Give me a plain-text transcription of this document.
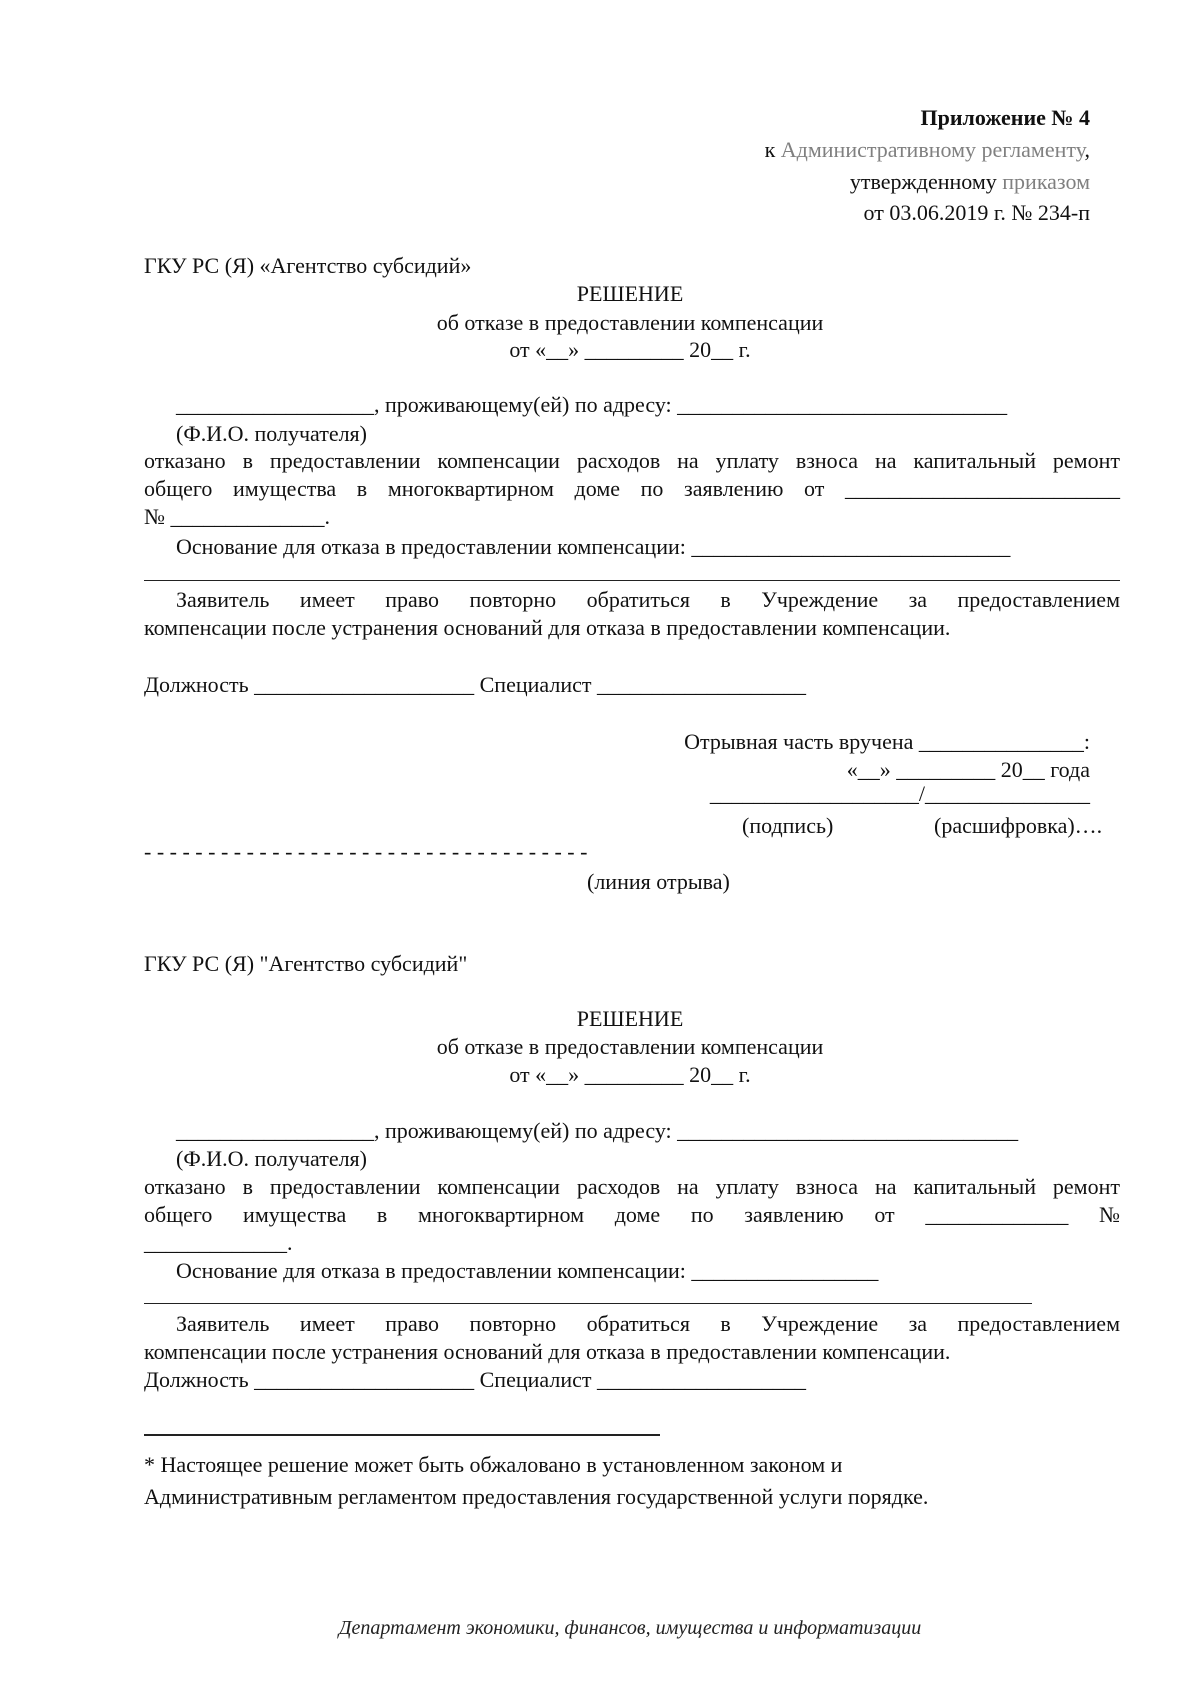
Приложение № 4
к Административному регламенту,
утвержденному приказом
от 03.06.2019 г. № 234-п
ГКУ РС (Я) «Агентство субсидий»
РЕШЕНИЕ
об отказе в предоставлении компенсации
от «__» _________ 20__ г.
__________________, проживающему(ей) по адресу: ______________________________
(Ф.И.О. получателя)
отказано в предоставлении компенсации расходов на уплату взноса на капитальный ремонт
общего имущества в многоквартирном доме по заявлению от _________________________
№ ______________.
Основание для отказа в предоставлении компенсации: _____________________________
Заявитель имеет право повторно обратиться в Учреждение за предоставлением
компенсации после устранения оснований для отказа в предоставлении компенсации.
Должность ____________________ Специалист ___________________
Отрывная часть вручена _______________:
«__» _________ 20__ года
___________________/_______________
(подпись)	(расшифровка)….
- - - - - - - - - - - - - - - - - - - - - - - - - - - - - - - - - - -
(линия отрыва)
ГКУ РС (Я) "Агентство субсидий"
РЕШЕНИЕ
об отказе в предоставлении компенсации
от «__» _________ 20__ г.
__________________, проживающему(ей) по адресу: _______________________________
(Ф.И.О. получателя)
отказано в предоставлении компенсации расходов на уплату взноса на капитальный ремонт
общего имущества в многоквартирном доме по заявлению от _____________ №
_____________.
Основание для отказа в предоставлении компенсации: _________________
Заявитель имеет право повторно обратиться в Учреждение за предоставлением
компенсации после устранения оснований для отказа в предоставлении компенсации.
Должность ____________________ Специалист ___________________
* Настоящее решение может быть обжаловано в установленном законом и
Административным регламентом предоставления государственной услуги порядке.
Департамент экономики, финансов, имущества и информатизации
